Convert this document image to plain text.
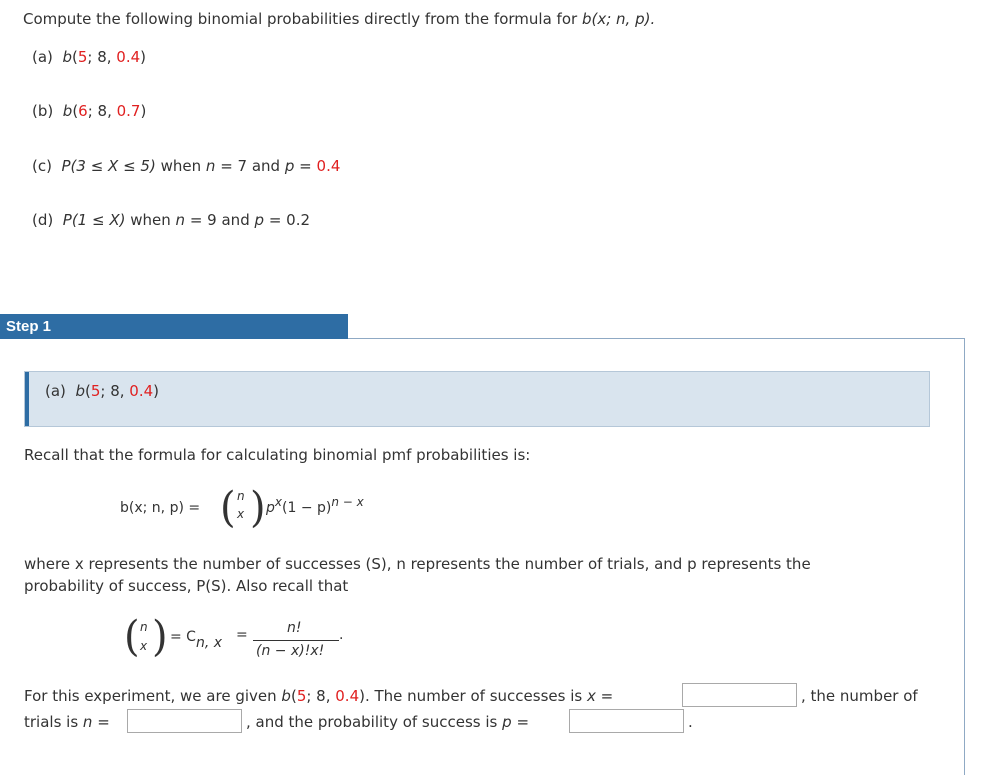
Compute the following binomial probabilities directly from the formula for b(x; n, p).
(a) b(5; 8, 0.4)
(b) b(6; 8, 0.7)
(c) P(3 ≤ X ≤ 5) when n = 7 and p = 0.4
(d) P(1 ≤ X) when n = 9 and p = 0.2
Step 1
(a) b(5; 8, 0.4)
Recall that the formula for calculating binomial pmf probabilities is:
b(x; n, p) = ( n
x ) px(1 − p)n − x
where x represents the number of successes (S), n represents the number of trials, and p represents the
probability of success, P(S). Also recall that
( n
x ) = Cn, x =	n!
(n − x)!x!
.
For this experiment, we are given b(5; 8, 0.4). The number of successes is x =	, the number of
trials is n =	, and the probability of success is p =	.
